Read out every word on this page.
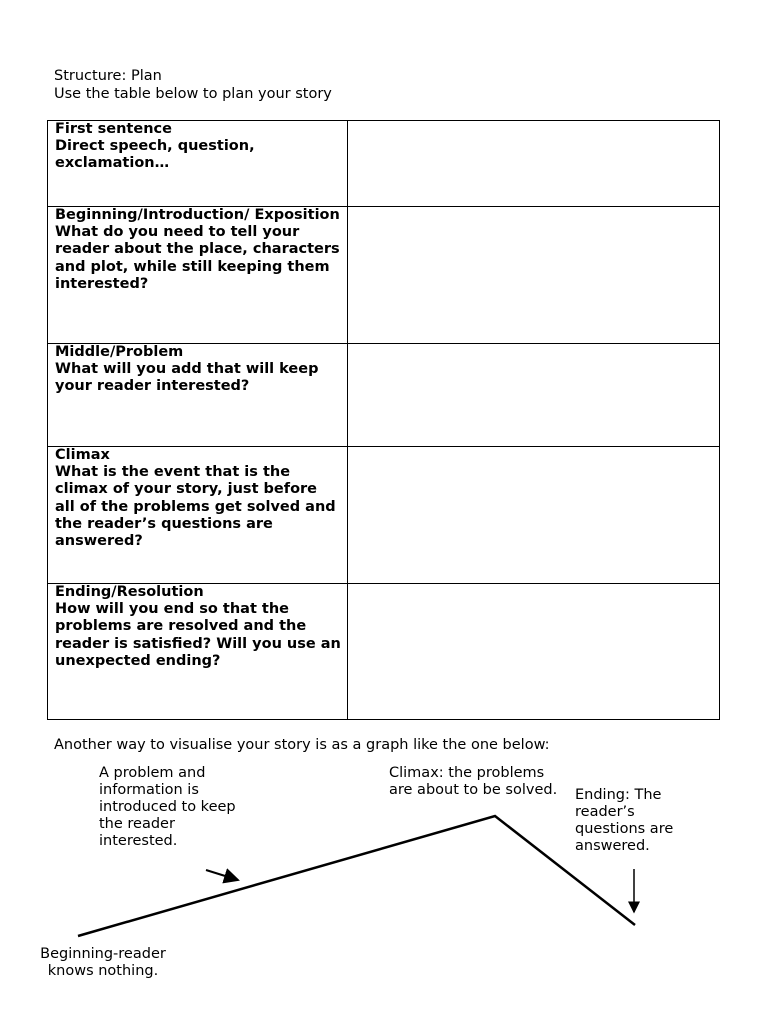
Structure: Plan
Use the table below to plan your story
First sentence
Direct speech, question, exclamation…	

Beginning/Introduction/ Exposition
What do you need to tell your reader about the place, characters and plot, while still keeping them interested?	

Middle/Problem
What will you add that will keep your reader interested?	

Climax
What is the event that is the climax of your story, just before all of the problems get solved and the reader’s questions are answered?	

Ending/Resolution
How will you end so that the problems are resolved and the reader is satisfied? Will you use an unexpected ending?	

Another way to visualise your story is as a graph like the one below:
A problem and information is introduced to keep the reader interested.
Climax: the problems are about to be solved.	Ending: The reader’s questions are answered.
Beginning-reader knows nothing.
